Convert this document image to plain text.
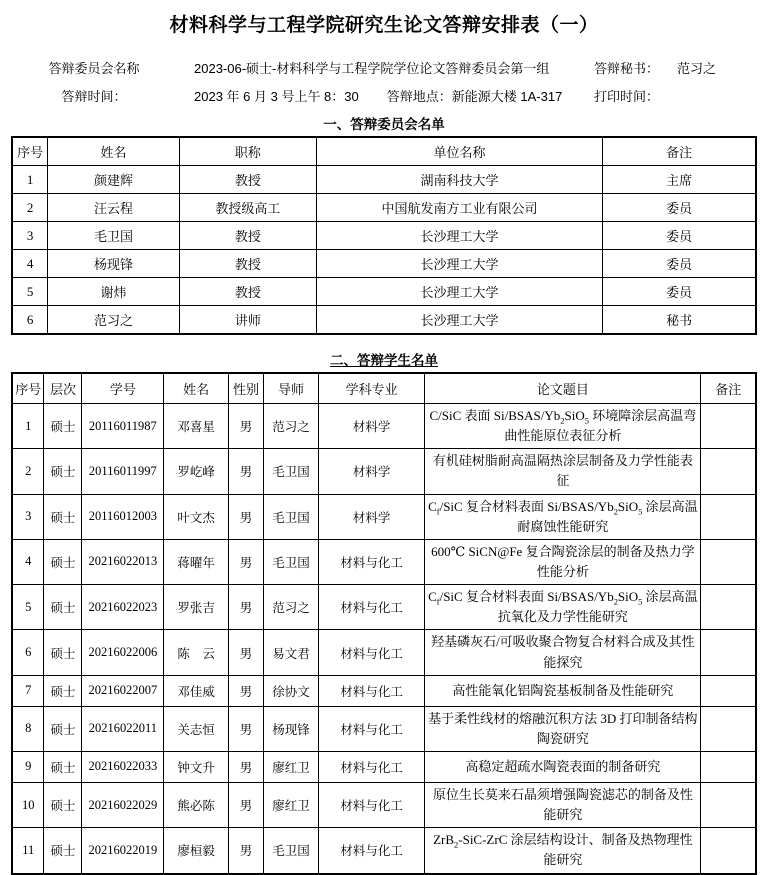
材料科学与工程学院研究生论文答辩安排表（一）
答辩委员会名称	2023-06-硕士-材料科学与工程学院学位论文答辩委员会第一组	答辩秘书： 范习之
答辩时间：	2023 年 6 月 3 号上午 8：30 答辩地点：新能源大楼 1A-317 打印时间：
一、答辩委员会名单
序号	姓名	职称	单位名称	备注
1	颜建辉	教授	湖南科技大学	主席
2	汪云程	教授级高工	中国航发南方工业有限公司	委员
3	毛卫国	教授	长沙理工大学	委员
4	杨现锋	教授	长沙理工大学	委员
5	谢炜	教授	长沙理工大学	委员
6	范习之	讲师	长沙理工大学	秘书
二、答辩学生名单
序号	层次	学号	姓名	性别	导师	学科专业	论文题目	备注
1	硕士	20116011987	邓喜星	男	范习之	材料学	C/SiC 表面 $Si/BSAS/Yb_2SiO_5$ 环境障涂层高温弯曲性能原位表征分析	
2	硕士	20116011997	罗屹峰	男	毛卫国	材料学	有机硅树脂耐高温隔热涂层制备及力学性能表征	
3	硕士	20116012003	叶文杰	男	毛卫国	材料学	$C_f$/SiC 复合材料表面 $Si/BSAS/Yb_2SiO_5$ 涂层高温耐腐蚀性能研究	
4	硕士	20216022013	蒋曜年	男	毛卫国	材料与化工	600℃ SiCN@Fe 复合陶瓷涂层的制备及热力学性能分析	
5	硕士	20216022023	罗张吉	男	范习之	材料与化工	$C_f$/SiC 复合材料表面 $Si/BSAS/Yb_2SiO_5$ 涂层高温抗氧化及力学性能研究	
6	硕士	20216022006	陈　云	男	易文君	材料与化工	羟基磷灰石/可吸收聚合物复合材料合成及其性能探究	
7	硕士	20216022007	邓佳威	男	徐协文	材料与化工	高性能氧化铝陶瓷基板制备及性能研究	
8	硕士	20216022011	关志恒	男	杨现锋	材料与化工	基于柔性线材的熔融沉积方法 3D 打印制备结构陶瓷研究	
9	硕士	20216022033	钟文升	男	廖红卫	材料与化工	高稳定超疏水陶瓷表面的制备研究	
10	硕士	20216022029	熊必陈	男	廖红卫	材料与化工	原位生长莫来石晶须增强陶瓷滤芯的制备及性能研究	
11	硕士	20216022019	廖桓毅	男	毛卫国	材料与化工	ZrB$_2$-SiC-ZrC 涂层结构设计、制备及热物理性能研究	
